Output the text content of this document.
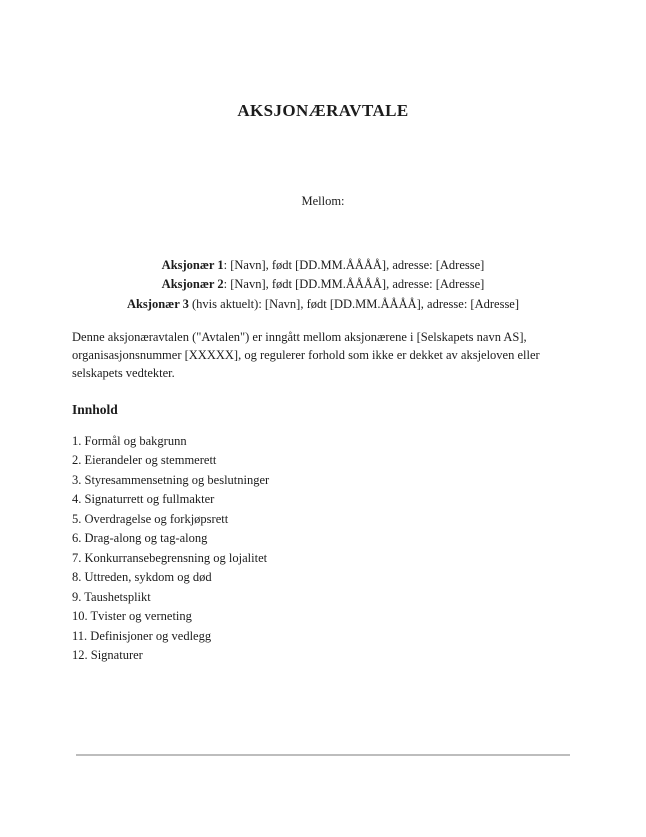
AKSJONÆRAVTALE

Mellom:

Aksjonær 1: [Navn], født [DD.MM.ÅÅÅÅ], adresse: [Adresse]

Aksjonær 2: [Navn], født [DD.MM.ÅÅÅÅ], adresse: [Adresse]

Aksjonær 3 (hvis aktuelt): [Navn], født [DD.MM.ÅÅÅÅ], adresse: [Adresse]

Denne aksjonæravtalen ("Avtalen") er inngått mellom aksjonærene i [Selskapets navn AS], organisasjonsnummer [XXXXX], og regulerer forhold som ikke er dekket av aksjeloven eller selskapets vedtekter.

Innhold
1. Formål og bakgrunn
2. Eierandeler og stemmerett
3. Styresammensetning og beslutninger
4. Signaturrett og fullmakter
5. Overdragelse og forkjøpsrett
6. Drag-along og tag-along
7. Konkurransebegrensning og lojalitet
8. Uttreden, sykdom og død
9. Taushetsplikt
10. Tvister og verneting
11. Definisjoner og vedlegg
12. Signaturer
